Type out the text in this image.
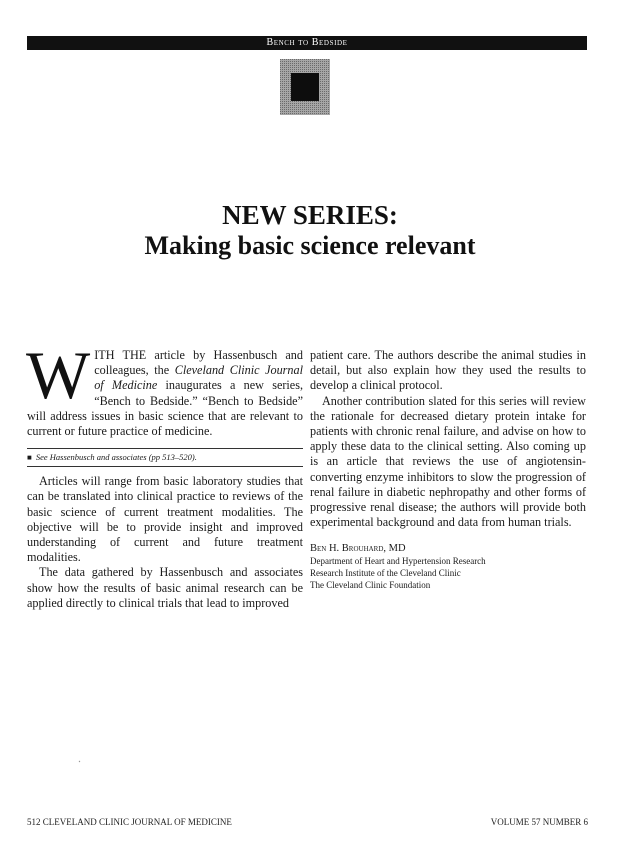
Bench to Bedside
NEW SERIES:
Making basic science relevant

WITH THE article by Hassenbusch and colleagues, the Cleveland Clinic Journal of Medicine inaugurates a new series, “Bench to Bedside.” “Bench to Bedside” will address issues in basic science that are relevant to current or future practice of medicine.

■ See Hassenbusch and associates (pp 513–520).

Articles will range from basic laboratory studies that can be translated into clinical practice to reviews of the basic science of current treatment modalities. The objective will be to provide insight and improved understanding of current and future treatment modalities.

The data gathered by Hassenbusch and associates show how the results of basic animal research can be applied directly to clinical trials that lead to improved

patient care. The authors describe the animal studies in detail, but also explain how they used the results to develop a clinical protocol.

Another contribution slated for this series will review the rationale for decreased dietary protein intake for patients with chronic renal failure, and advise on how to apply these data to the clinical setting. Also coming up is an article that reviews the use of angiotensin-converting enzyme inhibitors to slow the progression of renal failure in diabetic nephropathy and other forms of progressive renal disease; the authors will provide both experimental background and data from human trials.

Ben H. Brouhard, MD
Department of Heart and Hypertension Research
Research Institute of the Cleveland Clinic
The Cleveland Clinic Foundation
512 CLEVELAND CLINIC JOURNAL OF MEDICINE	VOLUME 57 NUMBER 6
